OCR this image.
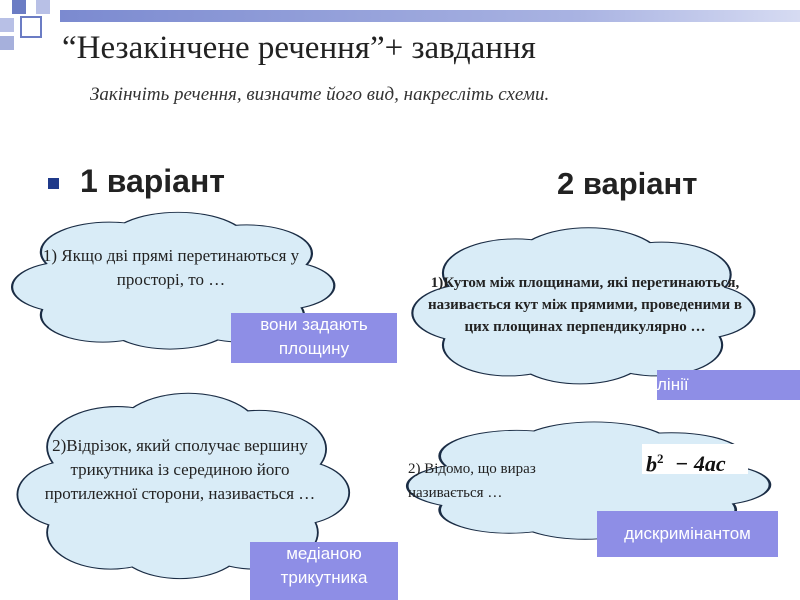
“Незакінчене речення”+ завдання
Закінчіть речення, визначте його вид, накресліть схеми.
1 варіант	2 варіант
1) Якщо дві прямі перетинаються у просторі, то …
2)Відрізок, який сполучає вершину трикутника із серединою його протилежної сторони, називається …
1)Кутом між площинами, які перетинаються, називається кут між прямими, проведеними в цих площинах перпендикулярно …
2) Відомо, що вираз називається …
$b^2 - 4ac$
вони задають площину
медіаною трикутника
лінії
дискримінантом
